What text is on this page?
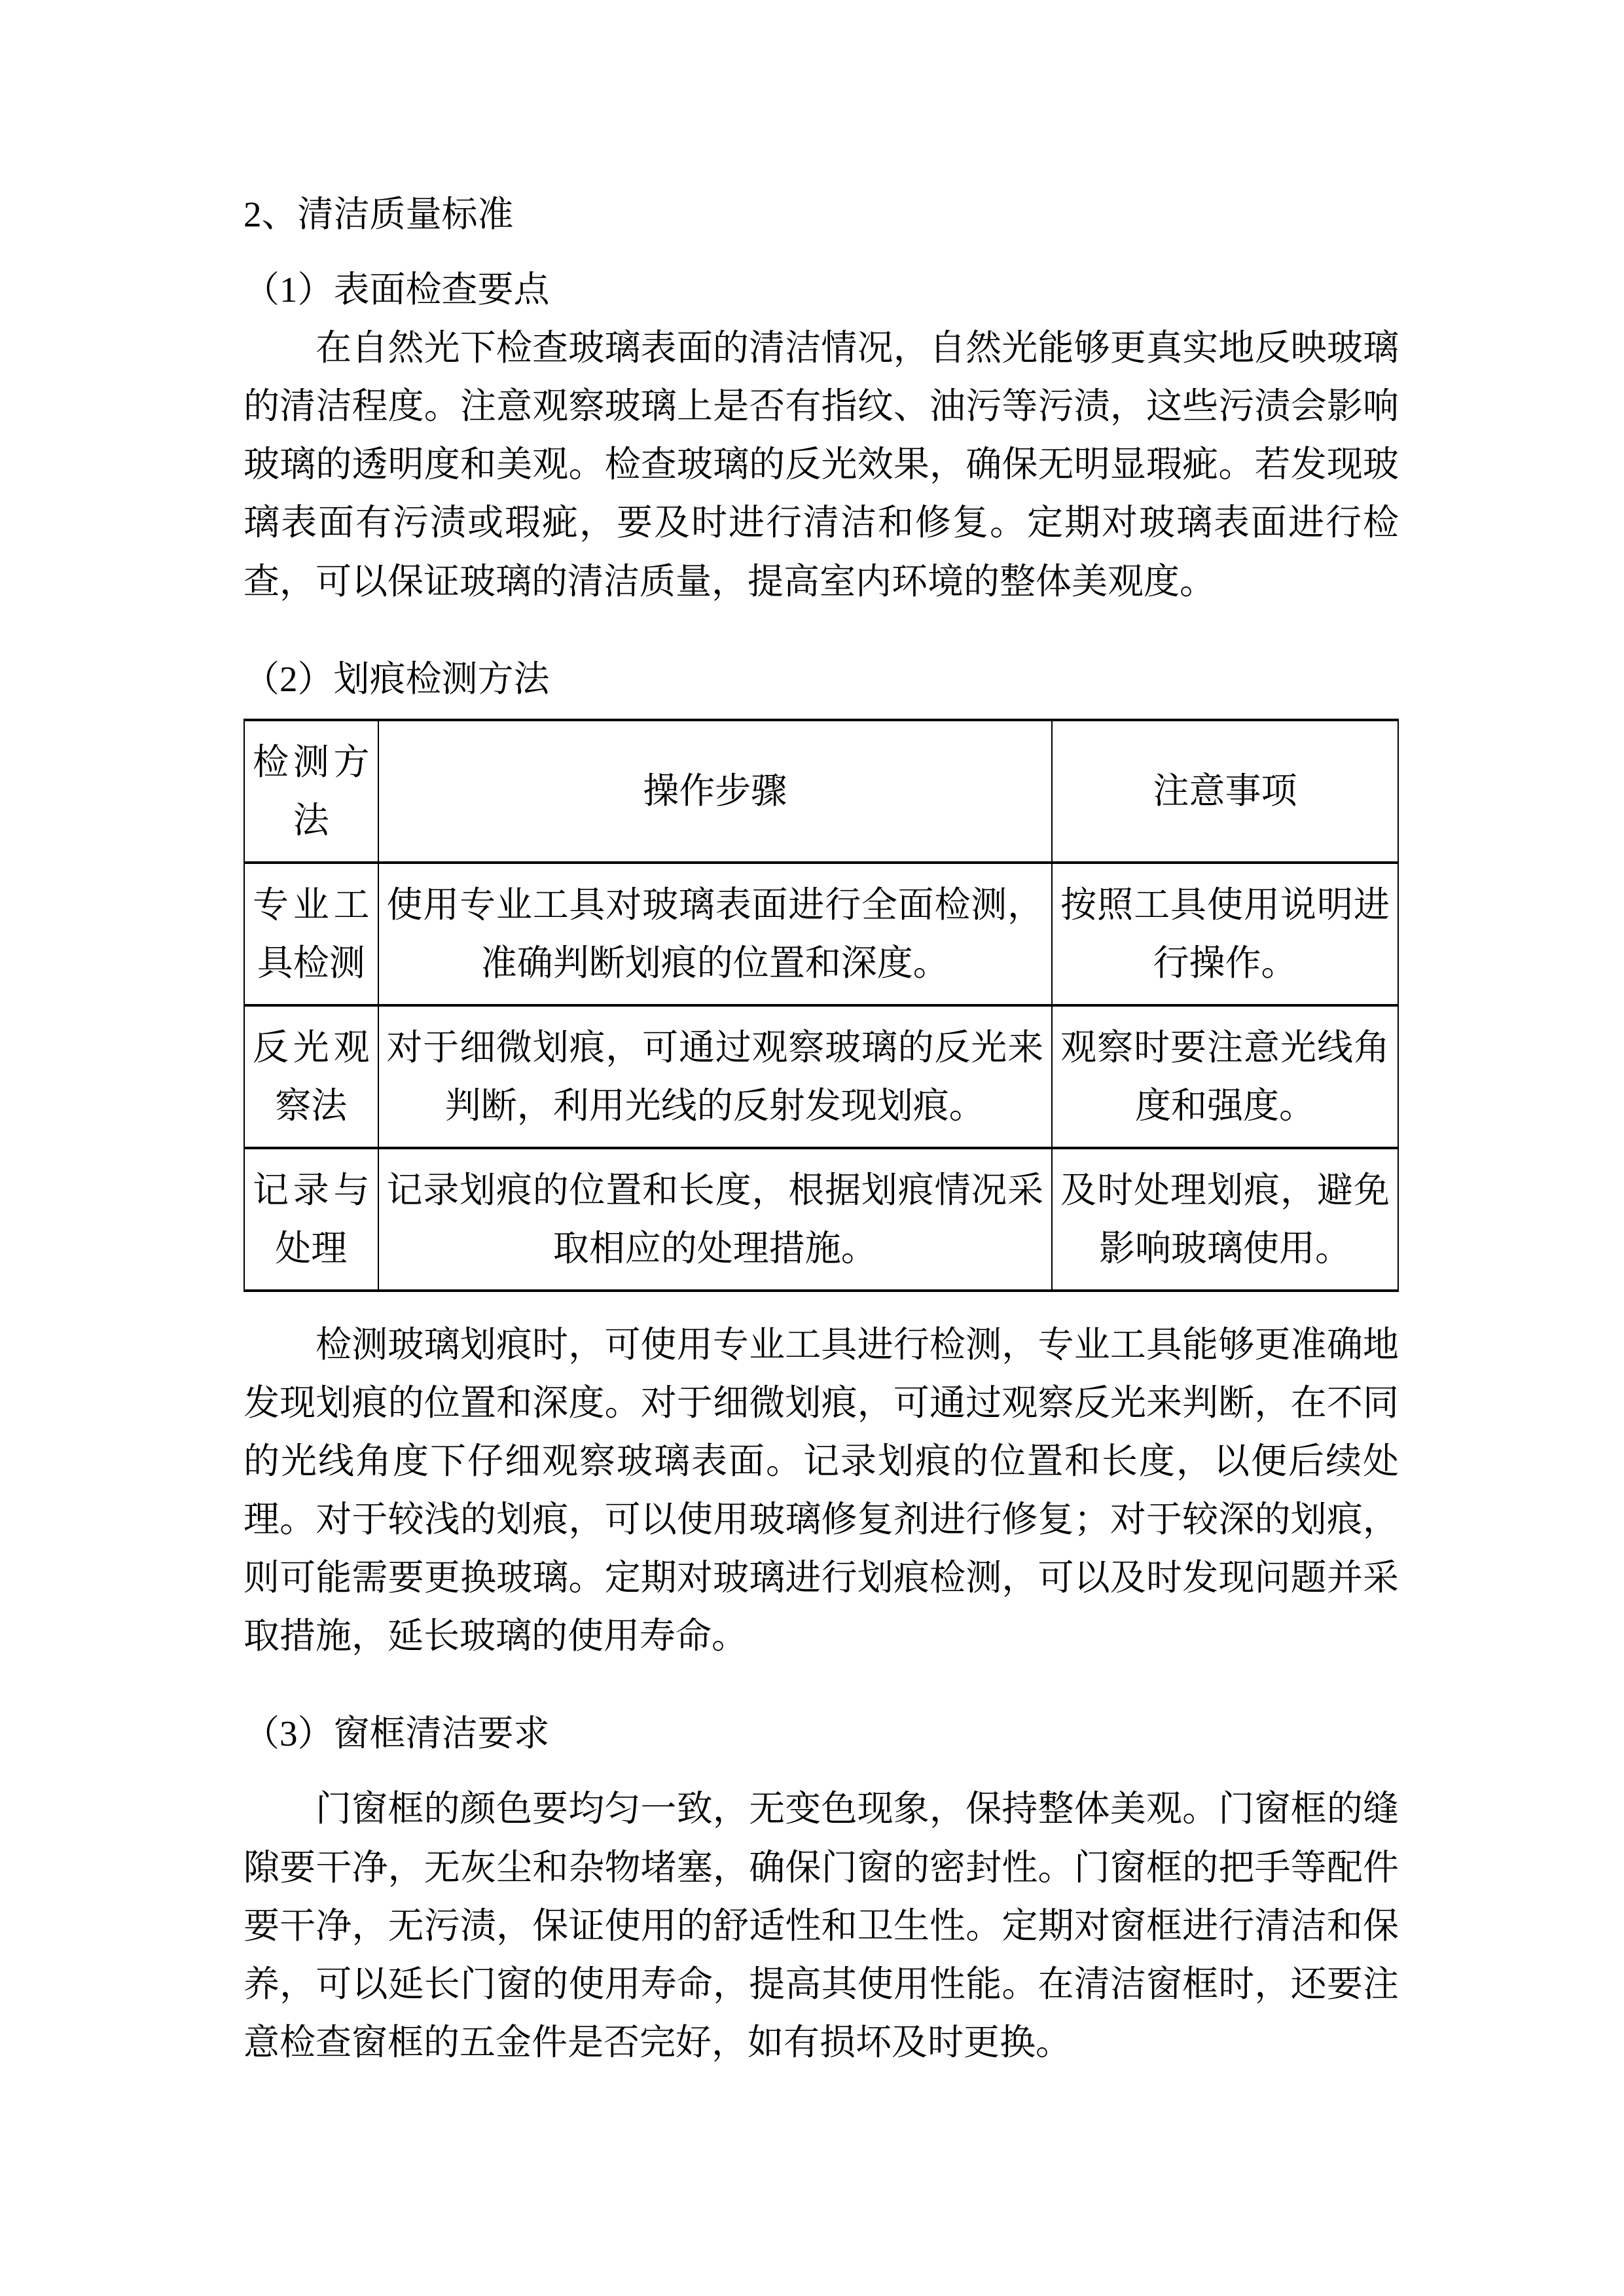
2、清洁质量标准
（1）表面检查要点

在自然光下检查玻璃表面的清洁情况，自然光能够更真实地反映玻璃的清洁程度。注意观察玻璃上是否有指纹、油污等污渍，这些污渍会影响玻璃的透明度和美观。检查玻璃的反光效果，确保无明显瑕疵。若发现玻璃表面有污渍或瑕疵，要及时进行清洁和修复。定期对玻璃表面进行检查，可以保证玻璃的清洁质量，提高室内环境的整体美观度。

（2）划痕检测方法
检测方法	操作步骤	注意事项
专业工具检测	使用专业工具对玻璃表面进行全面检测，准确判断划痕的位置和深度。	按照工具使用说明进行操作。
反光观察法	对于细微划痕，可通过观察玻璃的反光来判断，利用光线的反射发现划痕。	观察时要注意光线角度和强度。
记录与处理	记录划痕的位置和长度，根据划痕情况采取相应的处理措施。	及时处理划痕，避免影响玻璃使用。

检测玻璃划痕时，可使用专业工具进行检测，专业工具能够更准确地发现划痕的位置和深度。对于细微划痕，可通过观察反光来判断，在不同的光线角度下仔细观察玻璃表面。记录划痕的位置和长度，以便后续处理。对于较浅的划痕，可以使用玻璃修复剂进行修复；对于较深的划痕，则可能需要更换玻璃。定期对玻璃进行划痕检测，可以及时发现问题并采取措施，延长玻璃的使用寿命。

（3）窗框清洁要求

门窗框的颜色要均匀一致，无变色现象，保持整体美观。门窗框的缝隙要干净，无灰尘和杂物堵塞，确保门窗的密封性。门窗框的把手等配件要干净，无污渍，保证使用的舒适性和卫生性。定期对窗框进行清洁和保养，可以延长门窗的使用寿命，提高其使用性能。在清洁窗框时，还要注意检查窗框的五金件是否完好，如有损坏及时更换。
